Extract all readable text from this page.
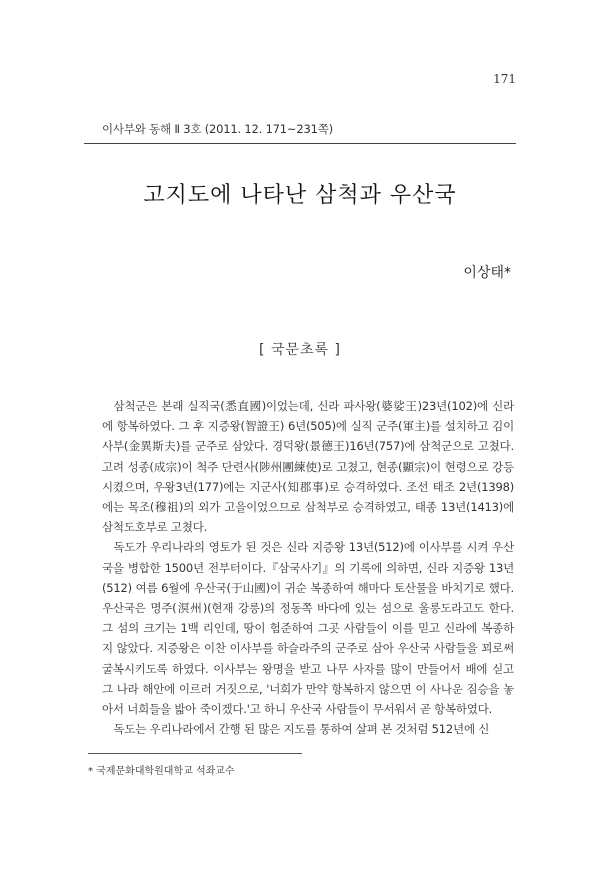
171
이사부와 동해 Ⅱ 3호 (2011. 12. 171~231쪽)
고지도에 나타난 삼척과 우산국
이상태*
[ 국문초록 ]

삼척군은 본래 실직국(悉直國)이었는데, 신라 파사왕(婆娑王)23년(102)에 신라에 항복하였다. 그 후 지증왕(智證王) 6년(505)에 실직 군주(軍主)를 설치하고 김이사부(金異斯夫)를 군주로 삼았다. 경덕왕(景德王)16년(757)에 삼척군으로 고쳤다. 고려 성종(成宗)이 척주 단련사(陟州團練使)로 고쳤고, 현종(顯宗)이 현령으로 강등시켰으며, 우왕3년(177)에는 지군사(知郡事)로 승격하였다. 조선 태조 2년(1398)에는 목조(穆祖)의 외가 고을이었으므로 삼척부로 승격하였고, 태종 13년(1413)에 삼척도호부로 고쳤다.

독도가 우리나라의 영토가 된 것은 신라 지증왕 13년(512)에 이사부를 시켜 우산국을 병합한 1500년 전부터이다.『삼국사기』의 기록에 의하면, 신라 지증왕 13년(512) 여름 6월에 우산국(于山國)이 귀순 복종하여 해마다 토산물을 바치기로 했다. 우산국은 명주(溟州)(현재 강릉)의 정동쪽 바다에 있는 섬으로 울릉도라고도 한다. 그 섬의 크기는 1백 리인데, 땅이 험준하여 그곳 사람들이 이를 믿고 신라에 복종하지 않았다. 지증왕은 이찬 이사부를 하슬라주의 군주로 삼아 우산국 사람들을 꾀로써 굴복시키도록 하였다. 이사부는 왕명을 받고 나무 사자를 많이 만들어서 배에 싣고 그 나라 해안에 이르러 거짓으로, '너희가 만약 항복하지 않으면 이 사나운 짐승을 놓아서 너희들을 밟아 죽이겠다.'고 하니 우산국 사람들이 무서워서 곧 항복하였다.

독도는 우리나라에서 간행 된 많은 지도를 통하여 살펴 본 것처럼 512년에 신

* 국제문화대학원대학교 석좌교수
